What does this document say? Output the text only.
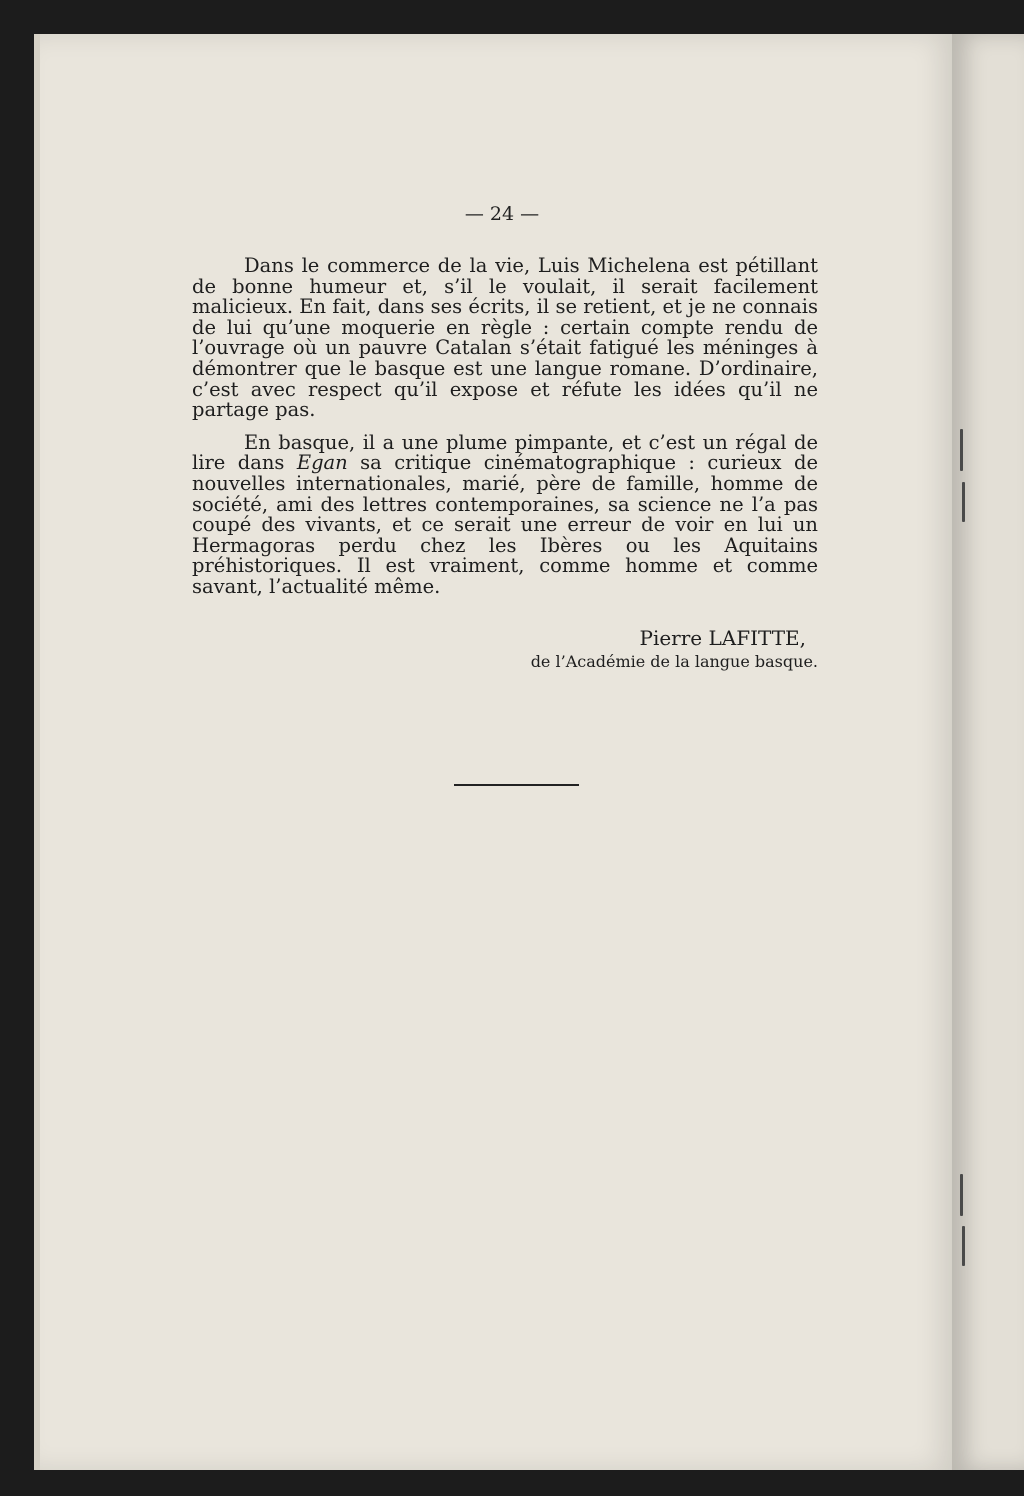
— 24 —

Dans le commerce de la vie, Luis Michelena est pétillant de bonne humeur et, s’il le voulait, il serait facilement malicieux. En fait, dans ses écrits, il se retient, et je ne connais de lui qu’une moquerie en règle : certain compte rendu de l’ouvrage où un pauvre Catalan s’était fatigué les méninges à démontrer que le basque est une langue romane. D’ordinaire, c’est avec respect qu’il expose et réfute les idées qu’il ne partage pas.

En basque, il a une plume pimpante, et c’est un régal de lire dans Egan sa critique cinématographique : curieux de nouvelles internationales, marié, père de famille, homme de société, ami des lettres contemporaines, sa science ne l’a pas coupé des vivants, et ce serait une erreur de voir en lui un Hermagoras perdu chez les Ibères ou les Aquitains préhistoriques. Il est vraiment, comme homme et comme savant, l’actualité même.

Pierre LAFITTE,
de l’Académie de la langue basque.
